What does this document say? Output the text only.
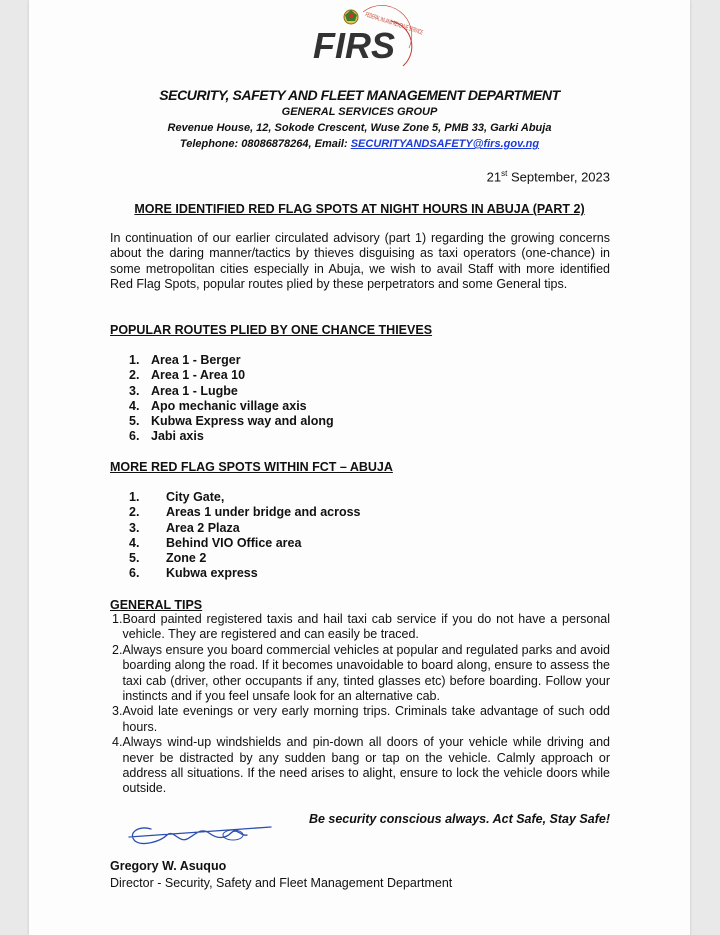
FIRS
FEDERAL INLAND REVENUE SERVICE
SECURITY, SAFETY AND FLEET MANAGEMENT DEPARTMENT
GENERAL SERVICES GROUP
Revenue House, 12, Sokode Crescent, Wuse Zone 5, PMB 33, Garki Abuja
Telephone: 08086878264, Email: SECURITYANDSAFETY@firs.gov.ng
21st September, 2023
MORE IDENTIFIED RED FLAG SPOTS AT NIGHT HOURS IN ABUJA (PART 2)
In continuation of our earlier circulated advisory (part 1) regarding the growing concerns about the daring manner/tactics by thieves disguising as taxi operators (one-chance) in some metropolitan cities especially in Abuja, we wish to avail Staff with more identified Red Flag Spots, popular routes plied by these perpetrators and some General tips.
POPULAR ROUTES PLIED BY ONE CHANCE THIEVES
1. Area 1 - Berger
2. Area 1 - Area 10
3. Area 1 - Lugbe
4. Apo mechanic village axis
5. Kubwa Express way and along
6. Jabi axis
MORE RED FLAG SPOTS WITHIN FCT – ABUJA
1.	City Gate,
2.	Areas 1 under bridge and across
3.	Area 2 Plaza
4.	Behind VIO Office area
5.	Zone 2
6.	Kubwa express
GENERAL TIPS
1. Board painted registered taxis and hail taxi cab service if you do not have a personal vehicle. They are registered and can easily be traced.
2. Always ensure you board commercial vehicles at popular and regulated parks and avoid boarding along the road. If it becomes unavoidable to board along, ensure to assess the taxi cab (driver, other occupants if any, tinted glasses etc) before boarding. Follow your instincts and if you feel unsafe look for an alternative cab.
3. Avoid late evenings or very early morning trips. Criminals take advantage of such odd hours.
4. Always wind-up windshields and pin-down all doors of your vehicle while driving and never be distracted by any sudden bang or tap on the vehicle. Calmly approach or address all situations. If the need arises to alight, ensure to lock the vehicle doors while outside.
Be security conscious always. Act Safe, Stay Safe!
Gregory W. Asuquo
Director - Security, Safety and Fleet Management Department
